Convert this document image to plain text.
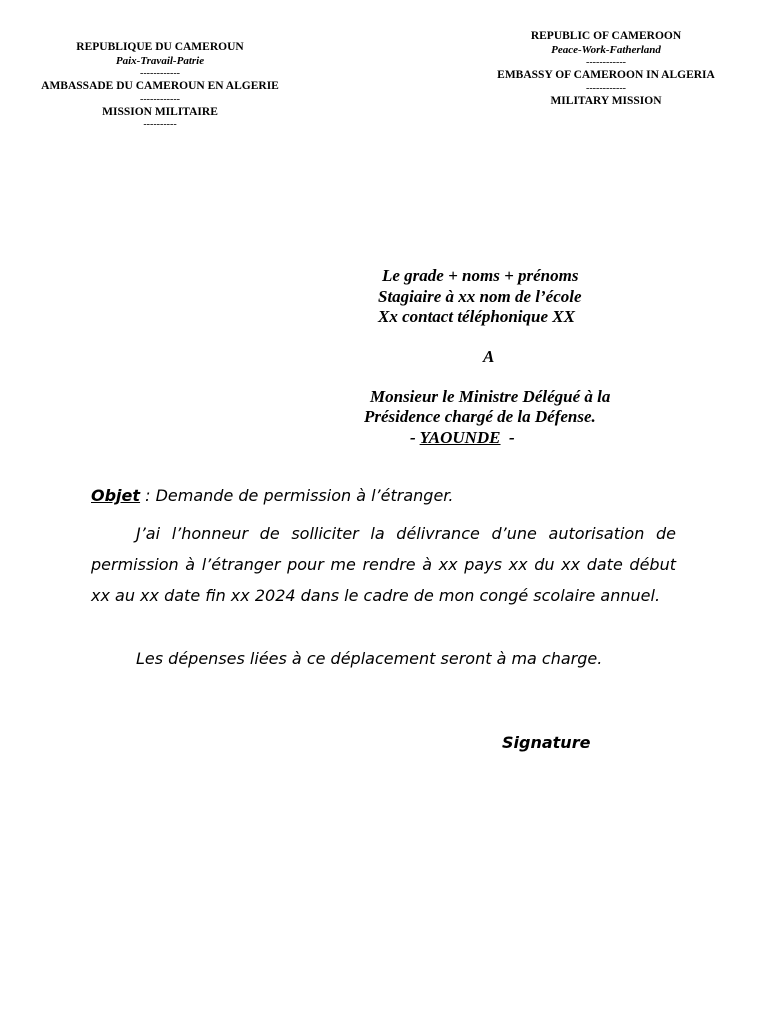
REPUBLIQUE DU CAMEROUN
Paix-Travail-Patrie
------------
AMBASSADE DU CAMEROUN EN ALGERIE
------------
MISSION MILITAIRE
----------
REPUBLIC OF CAMEROON
Peace-Work-Fatherland
------------
EMBASSY OF CAMEROON IN ALGERIA
------------
MILITARY MISSION
Le grade + noms + prénoms
Stagiaire à xx nom de l’école
Xx contact téléphonique XX
A
Monsieur le Ministre Délégué à la
Présidence chargé de la Défense.
- YAOUNDE  -
Objet : Demande de permission à l’étranger.
J’ai l’honneur de solliciter la délivrance d’une autorisation de permission à l’étranger pour me rendre à xx pays xx du xx date début xx au xx date fin xx 2024 dans le cadre de mon congé scolaire annuel.
Les dépenses liées à ce déplacement seront à ma charge.
Signature
